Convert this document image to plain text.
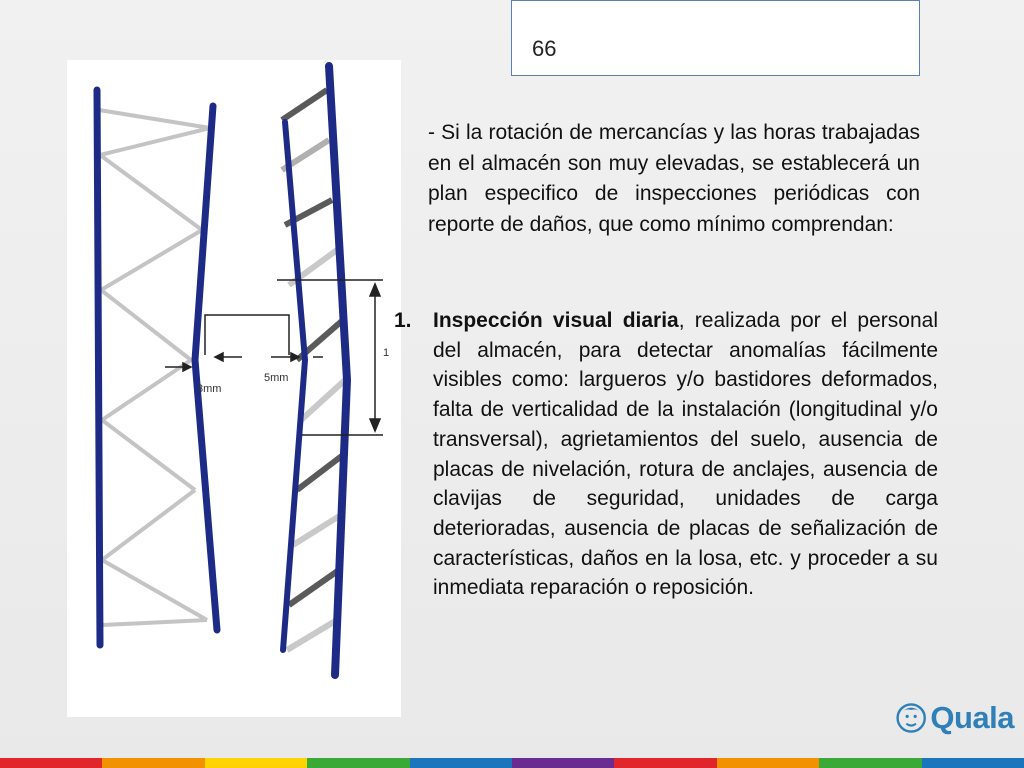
66
3mm
5mm
1

- Si la rotación de mercancías y las horas trabajadas en el almacén son muy elevadas, se establecerá un plan especifico de inspecciones periódicas con reporte de daños, que como mínimo comprendan:

1. Inspección visual diaria, realizada por el personal del almacén, para detectar anomalías fácilmente visibles como: largueros y/o bastidores deformados, falta de verticalidad de la instalación (longitudinal y/o transversal), agrietamientos del suelo, ausencia de placas de nivelación, rotura de anclajes, ausencia de clavijas de seguridad, unidades de carga deterioradas, ausencia de placas de señalización de características, daños en la losa, etc. y proceder a su inmediata reparación o reposición.
Quala
